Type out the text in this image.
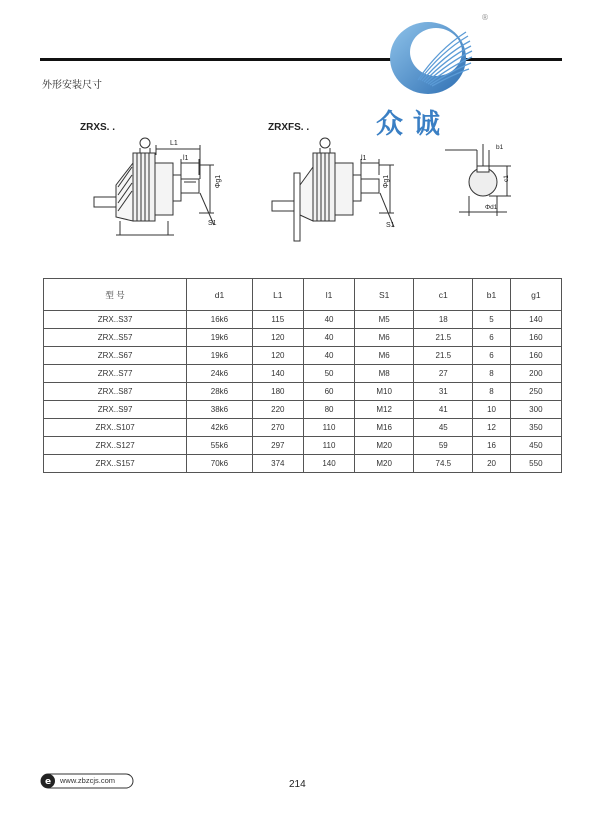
外形安装尺寸
®
众诚
ZRXS. .
L1
l1
Φg1
S1
ZRXFS. .
l1
Φg1
S1
b1
c1
Φd1
型 号	d1	L1	l1	S1	c1	b1	g1
ZRX..S37	16k6	115	40	M5	18	5	140
ZRX..S57	19k6	120	40	M6	21.5	6	160
ZRX..S67	19k6	120	40	M6	21.5	6	160
ZRX..S77	24k6	140	50	M8	27	8	200
ZRX..S87	28k6	180	60	M10	31	8	250
ZRX..S97	38k6	220	80	M12	41	10	300
ZRX..S107	42k6	270	110	M16	45	12	350
ZRX..S127	55k6	297	110	M20	59	16	450
ZRX..S157	70k6	374	140	M20	74.5	20	550
e www.zbzcjs.com	214
